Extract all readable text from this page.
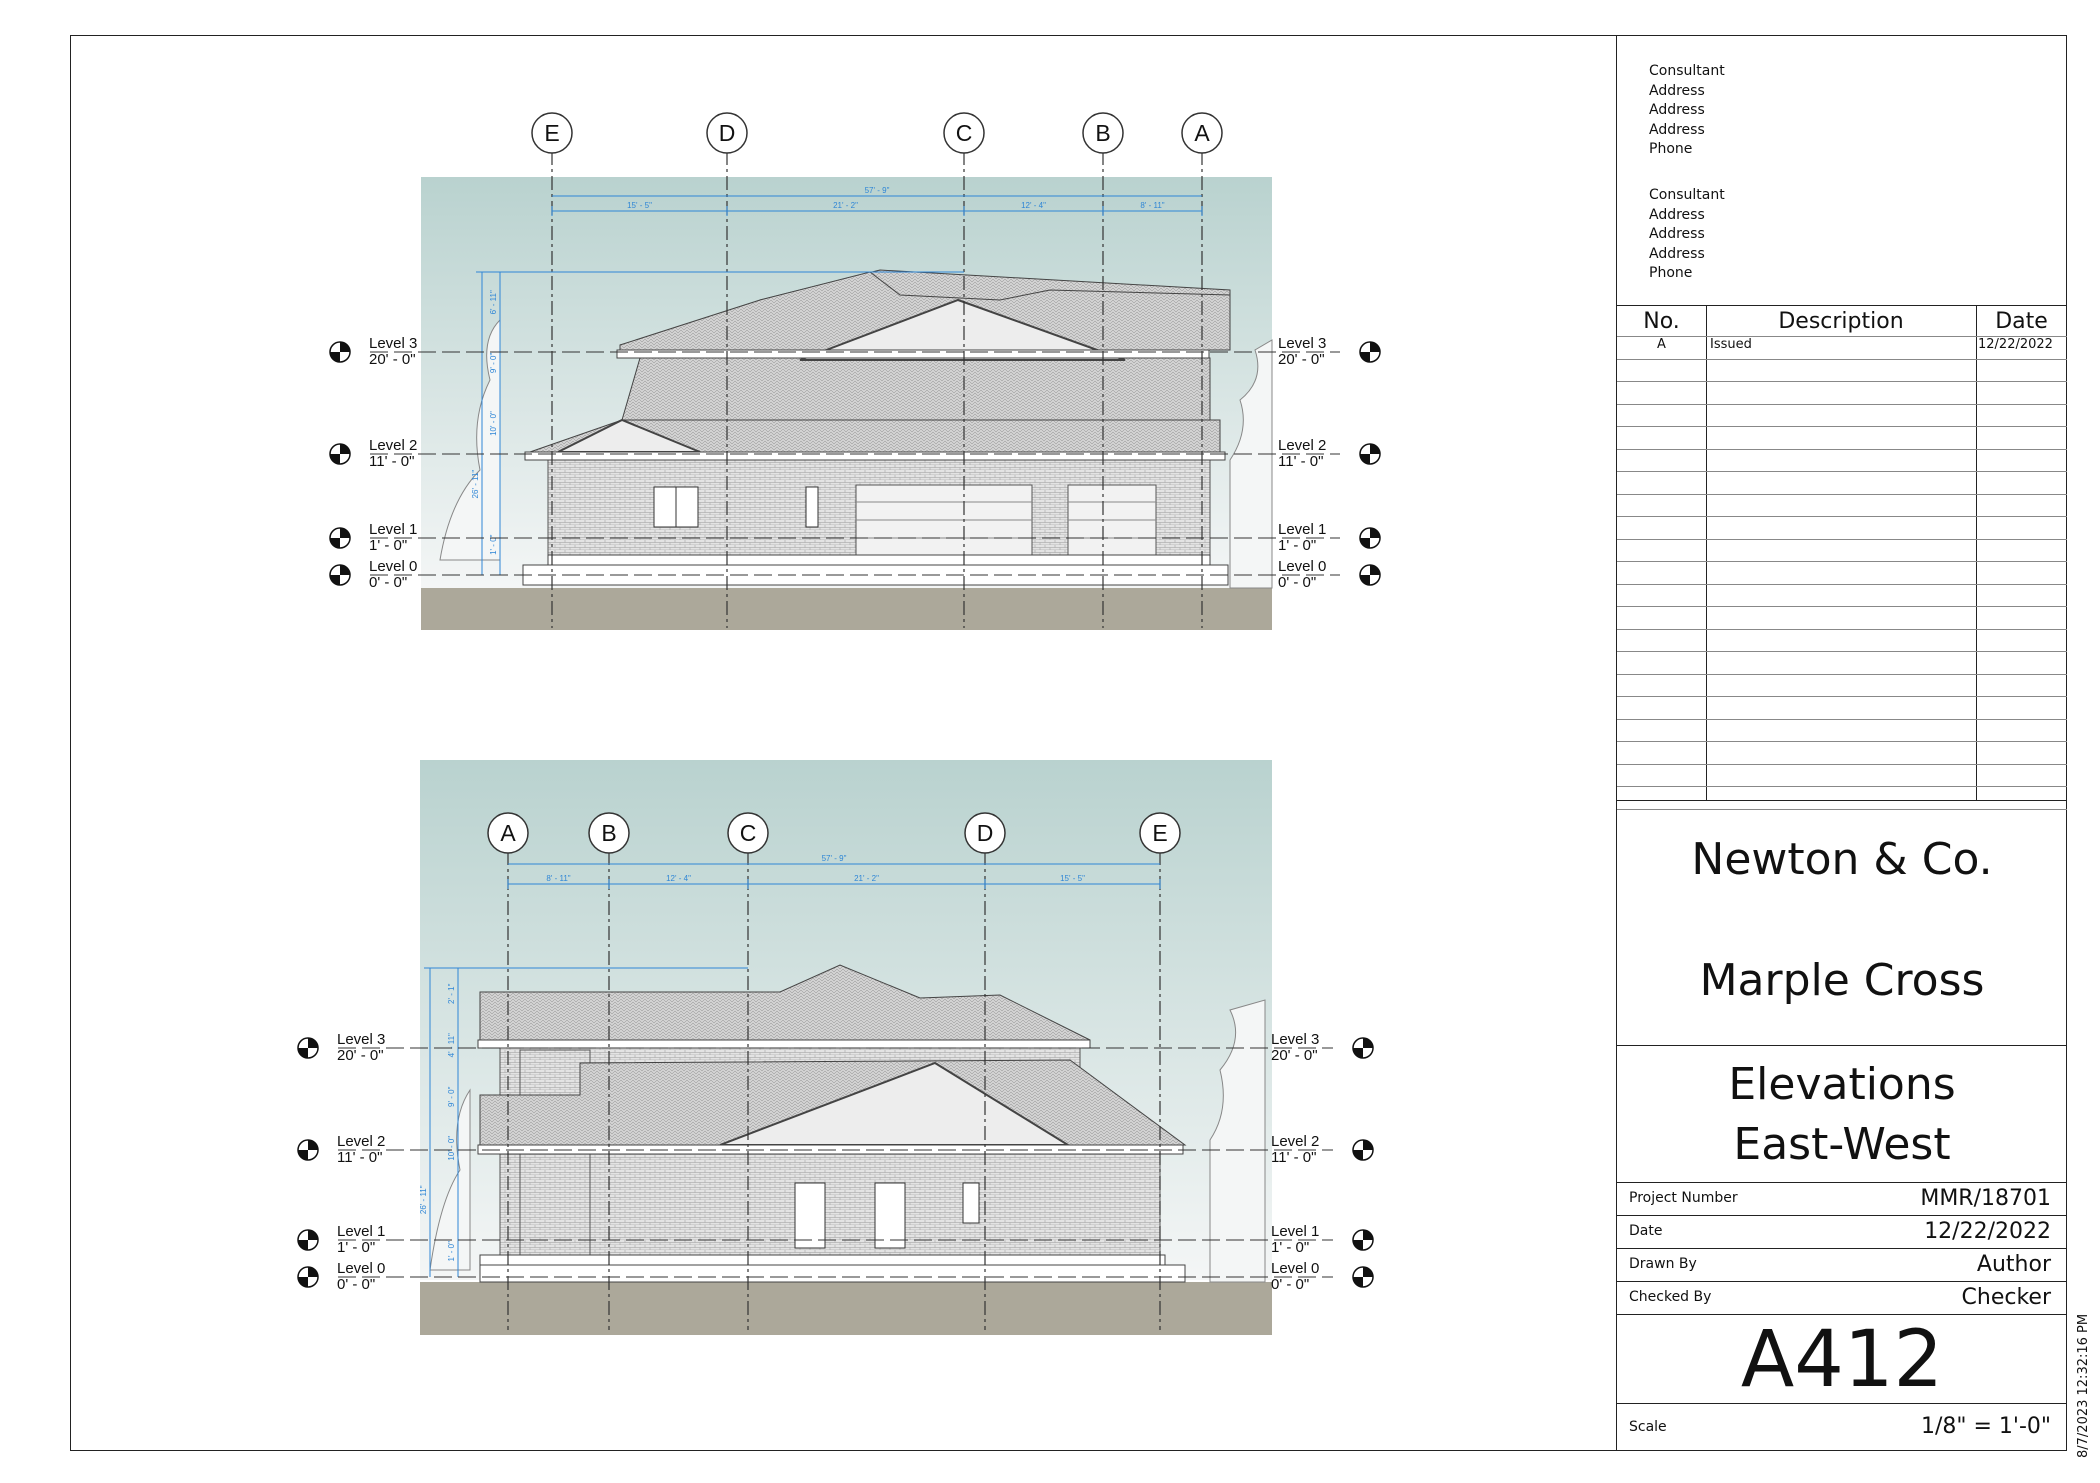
E	D	C	B	A
57' - 9"
15' - 5"	21' - 2"	12' - 4"	8' - 11"
6' - 11"
9' - 0"
10' - 0"
26' - 11"
1' - 0"
Level 3
20' - 0"
Level 3
20' - 0"
Level 2
11' - 0"
Level 2
11' - 0"
Level 1
1' - 0"
Level 1
1' - 0"
Level 0
0' - 0"
Level 0
0' - 0"
A	B	C	D	E
57' - 9"
8' - 11"	12' - 4"	21' - 2"	15' - 5"
2' - 1"
4' - 11"
9' - 0"
10' - 0"
26' - 11"
1' - 0"
Level 3
20' - 0"
Level 3
20' - 0"
Level 2
11' - 0"
Level 2
11' - 0"
Level 1
1' - 0"
Level 1
1' - 0"
Level 0
0' - 0"
Level 0
0' - 0"
Consultant
Address
Address
Address
Phone
Consultant
Address
Address
Address
Phone
No.	Description	Date
A	Issued	12/22/2022
Newton & Co.
Marple Cross
Elevations
East-West
Project Number	MMR/18701
Date	12/22/2022
Drawn By	Author
Checked By	Checker
A412
Scale	1/8" = 1'-0" 8/7/2023 12:32:16 PM
